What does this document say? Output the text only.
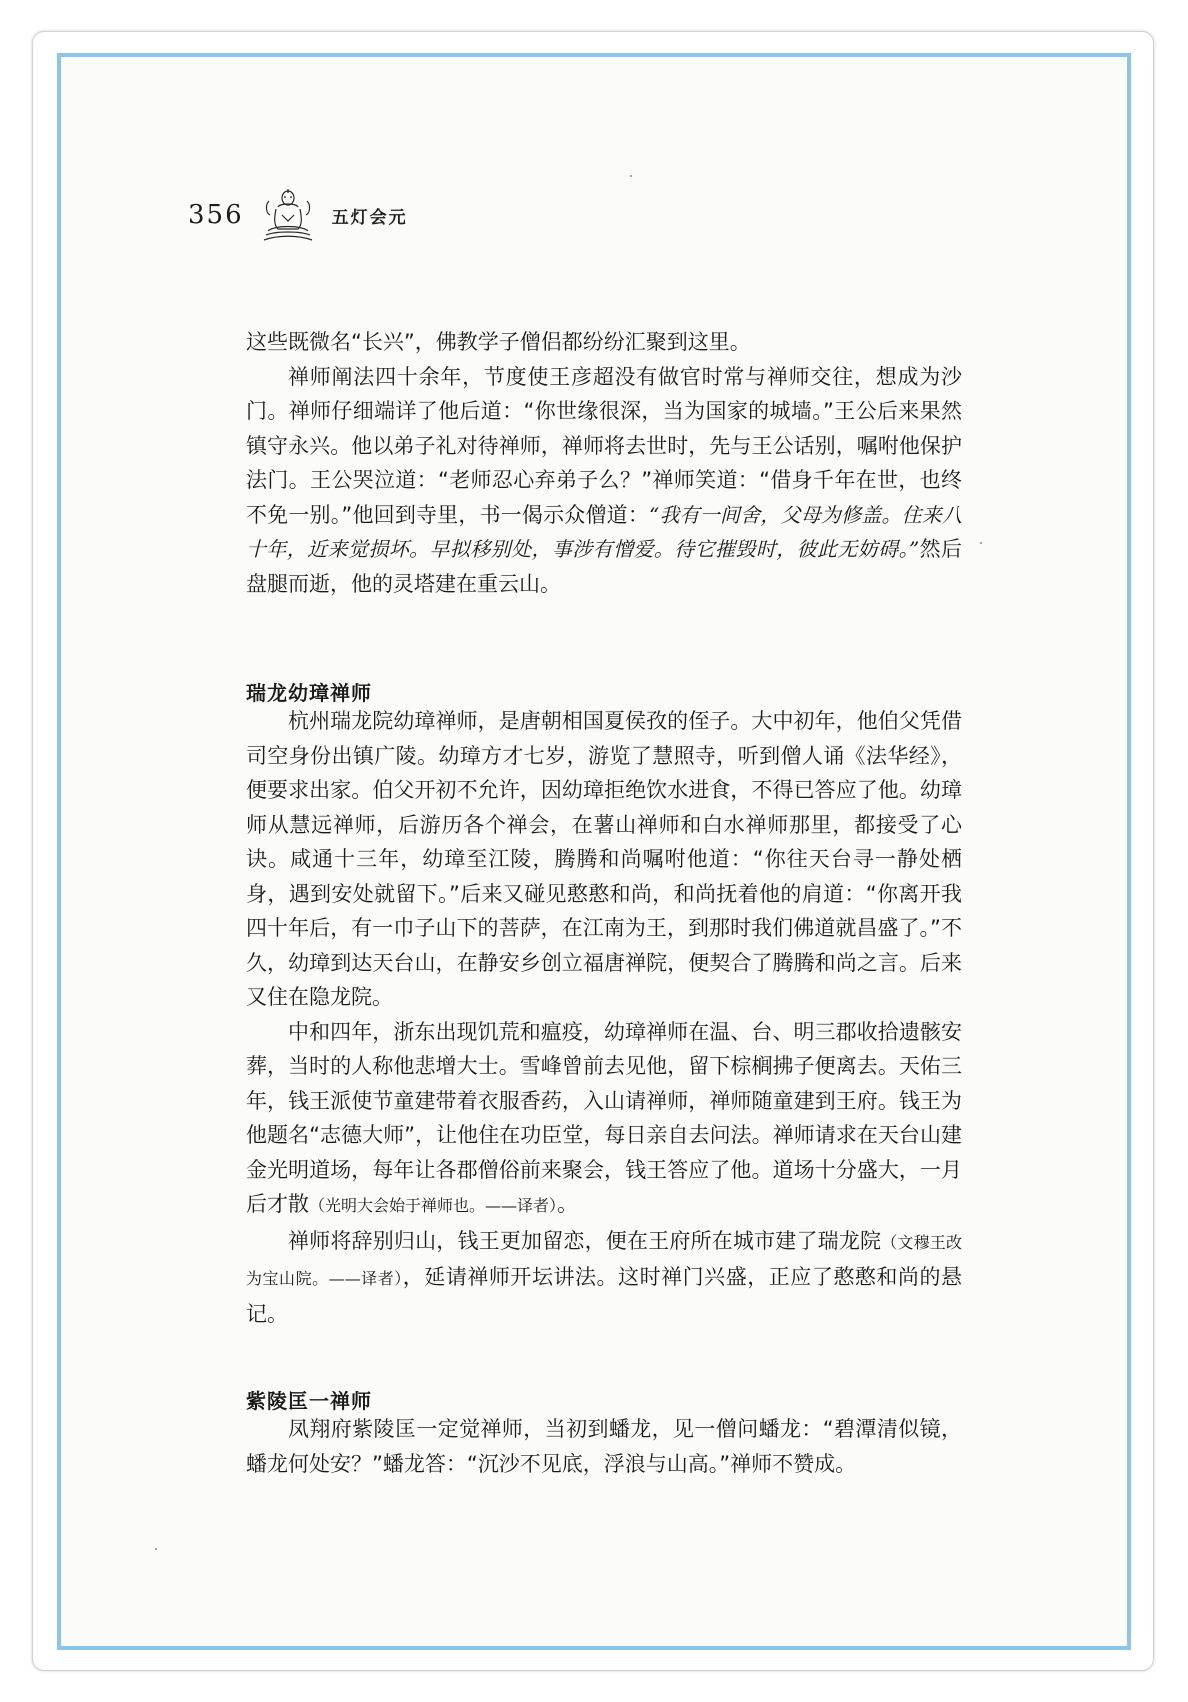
356	五灯会元

这些既微名“长兴”，佛教学子僧侣都纷纷汇聚到这里。

禅师阐法四十余年，节度使王彦超没有做官时常与禅师交往，想成为沙门。禅师仔细端详了他后道：“你世缘很深，当为国家的城墙。”王公后来果然镇守永兴。他以弟子礼对待禅师，禅师将去世时，先与王公话别，嘱咐他保护法门。王公哭泣道：“老师忍心弃弟子么？”禅师笑道：“借身千年在世，也终不免一别。”他回到寺里，书一偈示众僧道：“我有一间舍，父母为修盖。住来八十年，近来觉损坏。早拟移别处，事涉有憎爱。待它摧毁时，彼此无妨碍。”然后盘腿而逝，他的灵塔建在重云山。

瑞龙幼璋禅师

杭州瑞龙院幼璋禅师，是唐朝相国夏侯孜的侄子。大中初年，他伯父凭借司空身份出镇广陵。幼璋方才七岁，游览了慧照寺，听到僧人诵《法华经》，便要求出家。伯父开初不允许，因幼璋拒绝饮水进食，不得已答应了他。幼璋师从慧远禅师，后游历各个禅会，在薯山禅师和白水禅师那里，都接受了心诀。咸通十三年，幼璋至江陵，腾腾和尚嘱咐他道：“你往天台寻一静处栖身，遇到安处就留下。”后来又碰见憨憨和尚，和尚抚着他的肩道：“你离开我四十年后，有一巾子山下的菩萨，在江南为王，到那时我们佛道就昌盛了。”不久，幼璋到达天台山，在静安乡创立福唐禅院，便契合了腾腾和尚之言。后来又住在隐龙院。

中和四年，浙东出现饥荒和瘟疫，幼璋禅师在温、台、明三郡收拾遗骸安葬，当时的人称他悲增大士。雪峰曾前去见他，留下棕榈拂子便离去。天佑三年，钱王派使节童建带着衣服香药，入山请禅师，禅师随童建到王府。钱王为他题名“志德大师”，让他住在功臣堂，每日亲自去问法。禅师请求在天台山建金光明道场，每年让各郡僧俗前来聚会，钱王答应了他。道场十分盛大，一月后才散（光明大会始于禅师也。——译者）。

禅师将辞别归山，钱王更加留恋，便在王府所在城市建了瑞龙院（文穆王改为宝山院。——译者），延请禅师开坛讲法。这时禅门兴盛，正应了憨憨和尚的悬记。

紫陵匡一禅师

凤翔府紫陵匡一定觉禅师，当初到蟠龙，见一僧问蟠龙：“碧潭清似镜，蟠龙何处安？”蟠龙答：“沉沙不见底，浮浪与山高。”禅师不赞成。
